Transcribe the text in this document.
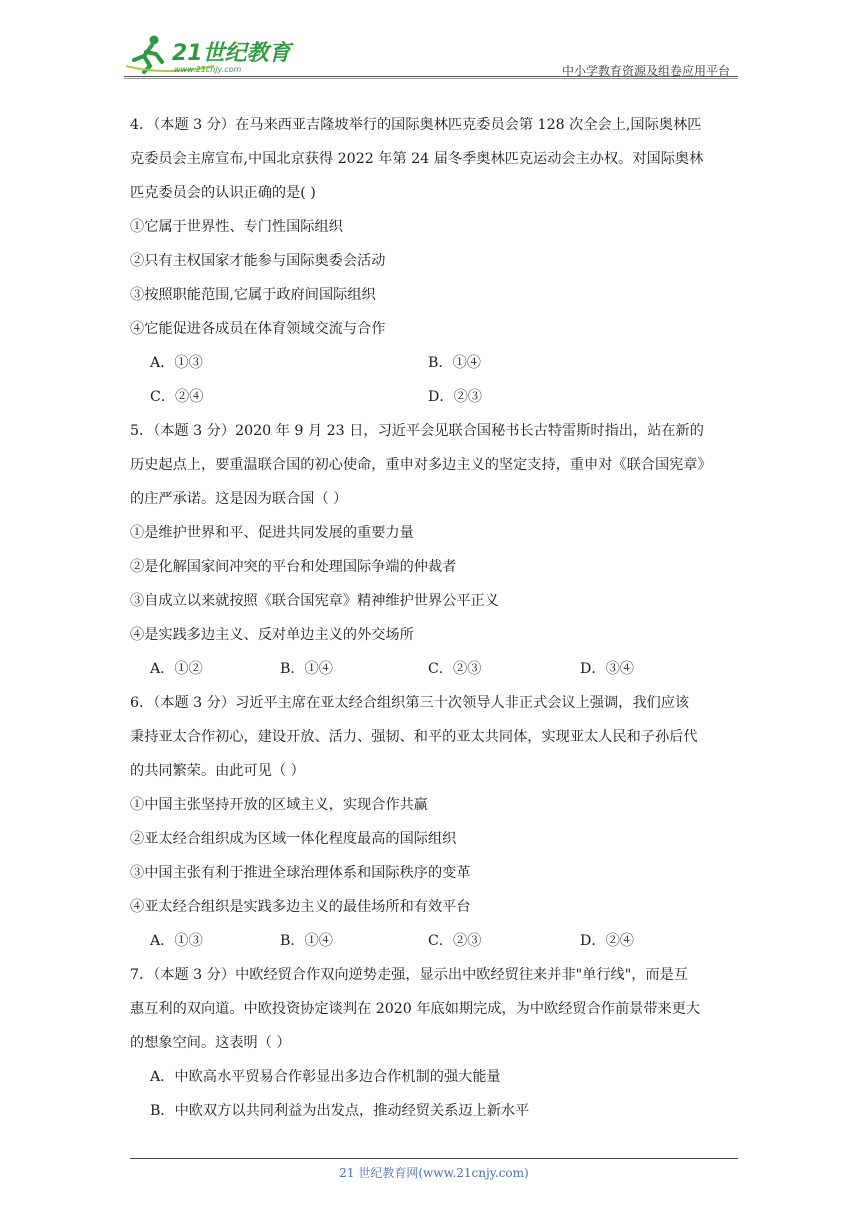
21世纪教育
www.21cnjy.com	中小学教育资源及组卷应用平台
4．（本题 3 分）在马来西亚吉隆坡举行的国际奥林匹克委员会第 128 次全会上,国际奥林匹
克委员会主席宣布,中国北京获得 2022 年第 24 届冬季奥林匹克运动会主办权。对国际奥林
匹克委员会的认识正确的是( )
①它属于世界性、专门性国际组织
②只有主权国家才能参与国际奥委会活动
③按照职能范围,它属于政府间国际组织
④它能促进各成员在体育领域交流与合作
A．①③	B．①④
C．②④	D．②③
5．（本题 3 分）2020 年 9 月 23 日，习近平会见联合国秘书长古特雷斯时指出，站在新的
历史起点上，要重温联合国的初心使命，重申对多边主义的坚定支持，重申对《联合国宪章》
的庄严承诺。这是因为联合国（ ）
①是维护世界和平、促进共同发展的重要力量
②是化解国家间冲突的平台和处理国际争端的仲裁者
③自成立以来就按照《联合国宪章》精神维护世界公平正义
④是实践多边主义、反对单边主义的外交场所
A．①②	B．①④	C．②③	D．③④
6．（本题 3 分）习近平主席在亚太经合组织第三十次领导人非正式会议上强调，我们应该
秉持亚太合作初心，建设开放、活力、强韧、和平的亚太共同体，实现亚太人民和子孙后代
的共同繁荣。由此可见（ ）
①中国主张坚持开放的区域主义，实现合作共赢
②亚太经合组织成为区域一体化程度最高的国际组织
③中国主张有利于推进全球治理体系和国际秩序的变革
④亚太经合组织是实践多边主义的最佳场所和有效平台
A．①③	B．①④	C．②③	D．②④
7．（本题 3 分）中欧经贸合作双向逆势走强，显示出中欧经贸往来并非"单行线"，而是互
惠互利的双向道。中欧投资协定谈判在 2020 年底如期完成，为中欧经贸合作前景带来更大
的想象空间。这表明（ ）
A．中欧高水平贸易合作彰显出多边合作机制的强大能量
B．中欧双方以共同利益为出发点，推动经贸关系迈上新水平
21 世纪教育网(www.21cnjy.com)
